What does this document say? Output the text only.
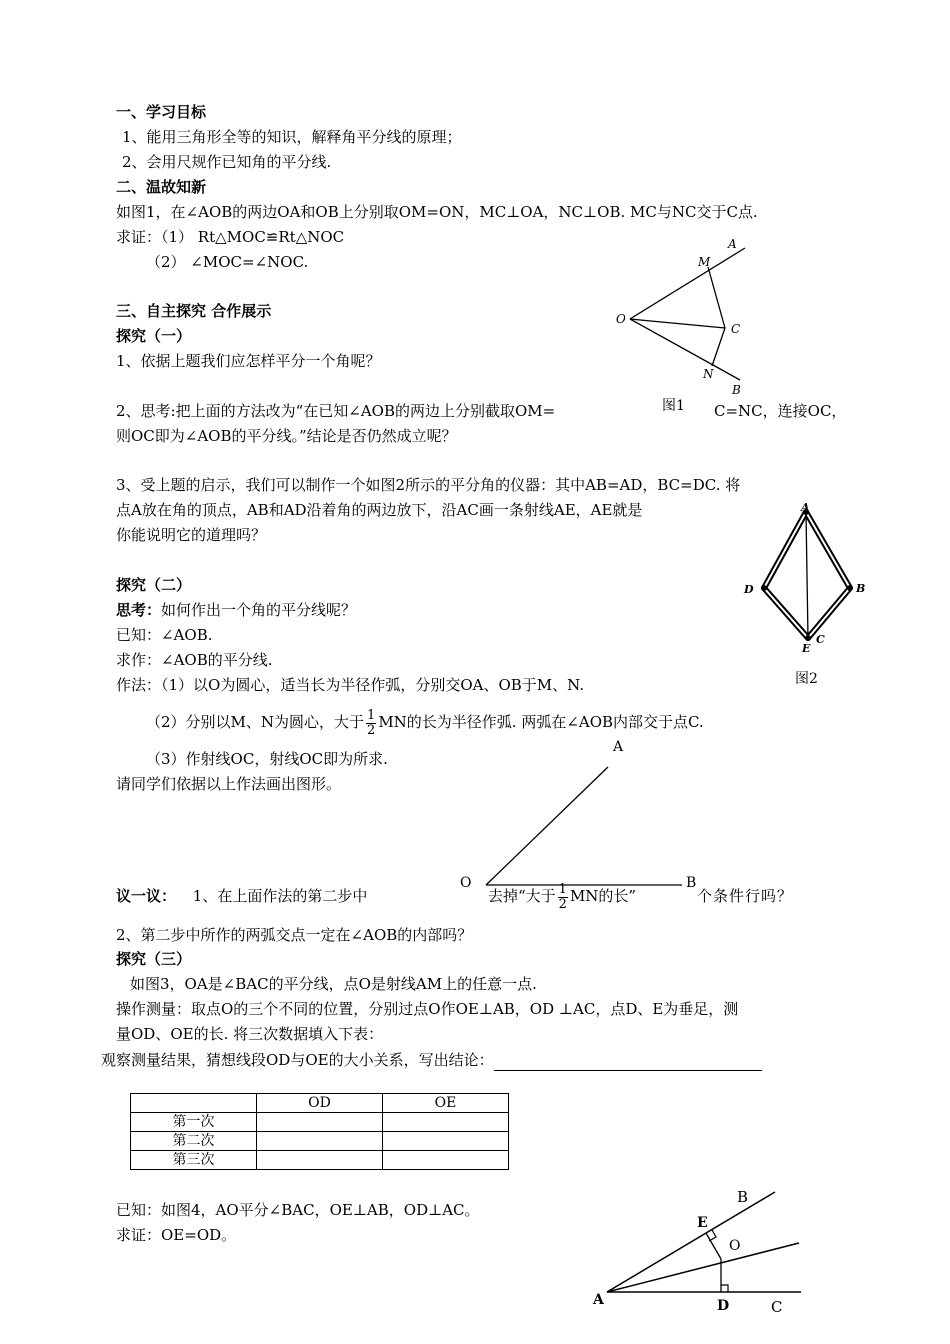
一、学习目标
1、能用三角形全等的知识，解释角平分线的原理；
2、会用尺规作已知角的平分线.
二、温故知新
如图1，在∠AOB的两边OA和OB上分别取OM=ON，MC⊥OA，NC⊥OB. MC与NC交于C点.
求证：（1） Rt△MOC≌Rt△NOC
（2） ∠MOC=∠NOC.
三、自主探究 合作展示
探究（一）
1、依据上题我们应怎样平分一个角呢？
2、思考:把上面的方法改为“在已知∠AOB的两边上分别截取OM=	C=NC，连接OC，
则OC即为∠AOB的平分线。”结论是否仍然成立呢？
3、受上题的启示，我们可以制作一个如图2所示的平分角的仪器：其中AB=AD，BC=DC. 将
点A放在角的顶点，AB和AD沿着角的两边放下，沿AC画一条射线AE，AE就是
你能说明它的道理吗？
A
M
O
C
N
B
图1
A
B
C
D
E
图2
探究（二）
思考：如何作出一个角的平分线呢？
已知：∠AOB.
求作：∠AOB的平分线.
作法：（1）以O为圆心，适当长为半径作弧，分别交OA、OB于M、N.
（2）分别以M、N为圆心，大于 $\frac{1}{2}$ MN的长为半径作弧. 两弧在∠AOB内部交于点C.
（3）作射线OC，射线OC即为所求.
请同学们依据以上作法画出图形。
A
O	B
议一议： 1、在上面作法的第二步中	去掉“大于 $\frac{1}{2}$ MN的长”	个条件行吗？
2、第二步中所作的两弧交点一定在∠AOB的内部吗？
探究（三）
如图3，OA是∠BAC的平分线，点O是射线AM上的任意一点.
操作测量：取点O的三个不同的位置，分别过点O作OE⊥AB，OD ⊥AC，点D、E为垂足，测
量OD、OE的长. 将三次数据填入下表：
观察测量结果，猜想线段OD与OE的大小关系，写出结论：
	OD	OE
第一次		
第二次		
第三次		
已知：如图4，AO平分∠BAC，OE⊥AB，OD⊥AC。
求证：OE=OD。
B
E
O
A	D	C
